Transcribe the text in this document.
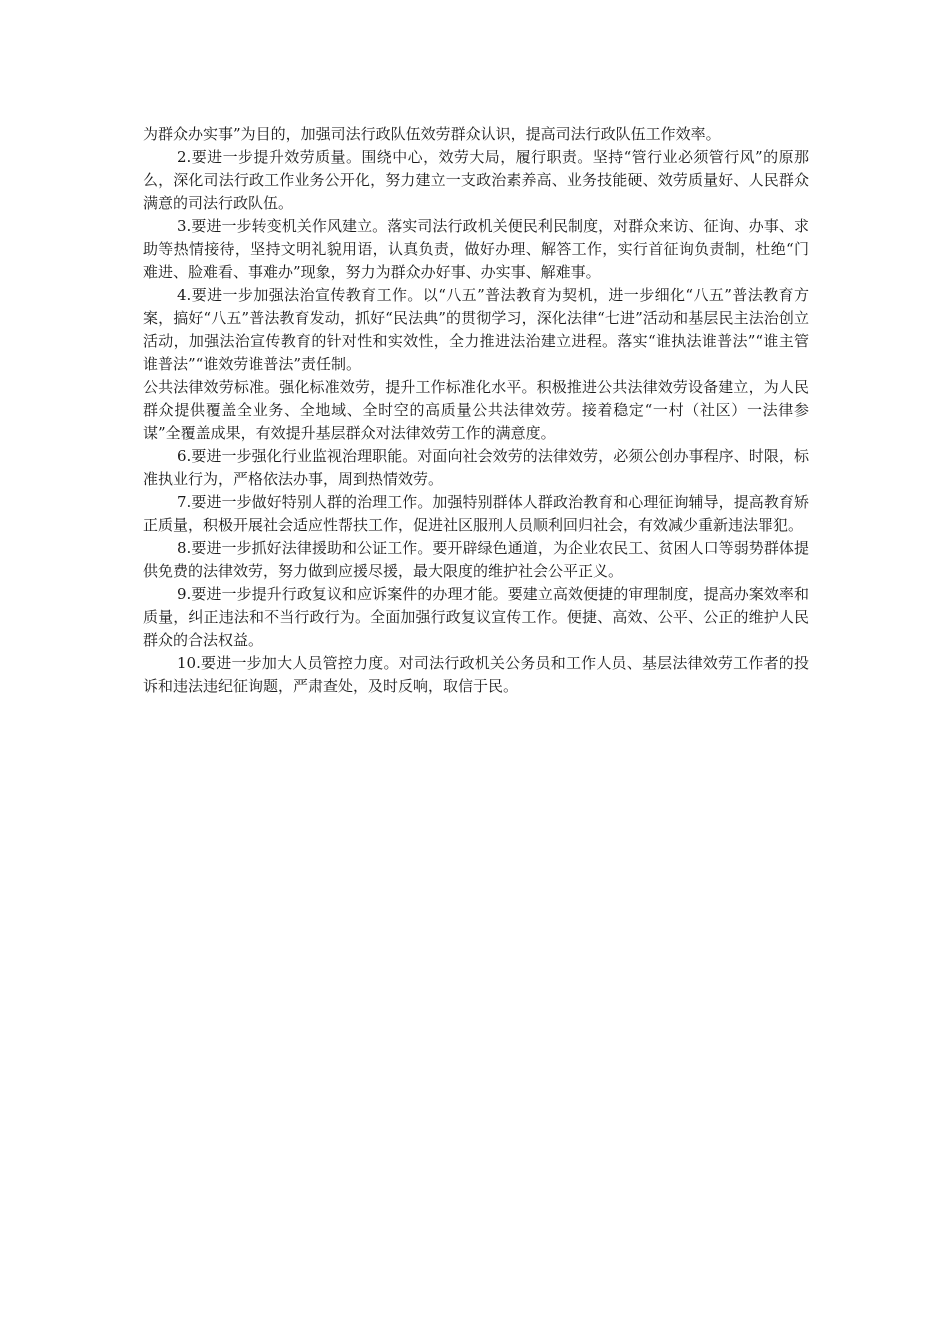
为群众办实事”为目的，加强司法行政队伍效劳群众认识，提高司法行政队伍工作效率。

2.要进一步提升效劳质量。围绕中心，效劳大局，履行职责。坚持“管行业必须管行风”的原那么，深化司法行政工作业务公开化，努力建立一支政治素养高、业务技能硬、效劳质量好、人民群众满意的司法行政队伍。

3.要进一步转变机关作风建立。落实司法行政机关便民利民制度，对群众来访、征询、办事、求助等热情接待，坚持文明礼貌用语，认真负责，做好办理、解答工作，实行首征询负责制，杜绝“门难进、脸难看、事难办”现象，努力为群众办好事、办实事、解难事。

4.要进一步加强法治宣传教育工作。以“八五”普法教育为契机，进一步细化“八五”普法教育方案，搞好“八五”普法教育发动，抓好“民法典”的贯彻学习，深化法律“七进”活动和基层民主法治创立活动，加强法治宣传教育的针对性和实效性，全力推进法治建立进程。落实“谁执法谁普法”“谁主管谁普法”“谁效劳谁普法”责任制。

公共法律效劳标准。强化标准效劳，提升工作标准化水平。积极推进公共法律效劳设备建立，为人民群众提供覆盖全业务、全地域、全时空的高质量公共法律效劳。接着稳定“一村（社区）一法律参谋”全覆盖成果，有效提升基层群众对法律效劳工作的满意度。

6.要进一步强化行业监视治理职能。对面向社会效劳的法律效劳，必须公创办事程序、时限，标准执业行为，严格依法办事，周到热情效劳。

7.要进一步做好特别人群的治理工作。加强特别群体人群政治教育和心理征询辅导，提高教育矫正质量，积极开展社会适应性帮扶工作，促进社区服刑人员顺利回归社会，有效减少重新违法罪犯。

8.要进一步抓好法律援助和公证工作。要开辟绿色通道，为企业农民工、贫困人口等弱势群体提供免费的法律效劳，努力做到应援尽援，最大限度的维护社会公平正义。

9.要进一步提升行政复议和应诉案件的办理才能。要建立高效便捷的审理制度，提高办案效率和质量，纠正违法和不当行政行为。全面加强行政复议宣传工作。便捷、高效、公平、公正的维护人民群众的合法权益。

10.要进一步加大人员管控力度。对司法行政机关公务员和工作人员、基层法律效劳工作者的投诉和违法违纪征询题，严肃查处，及时反响，取信于民。
